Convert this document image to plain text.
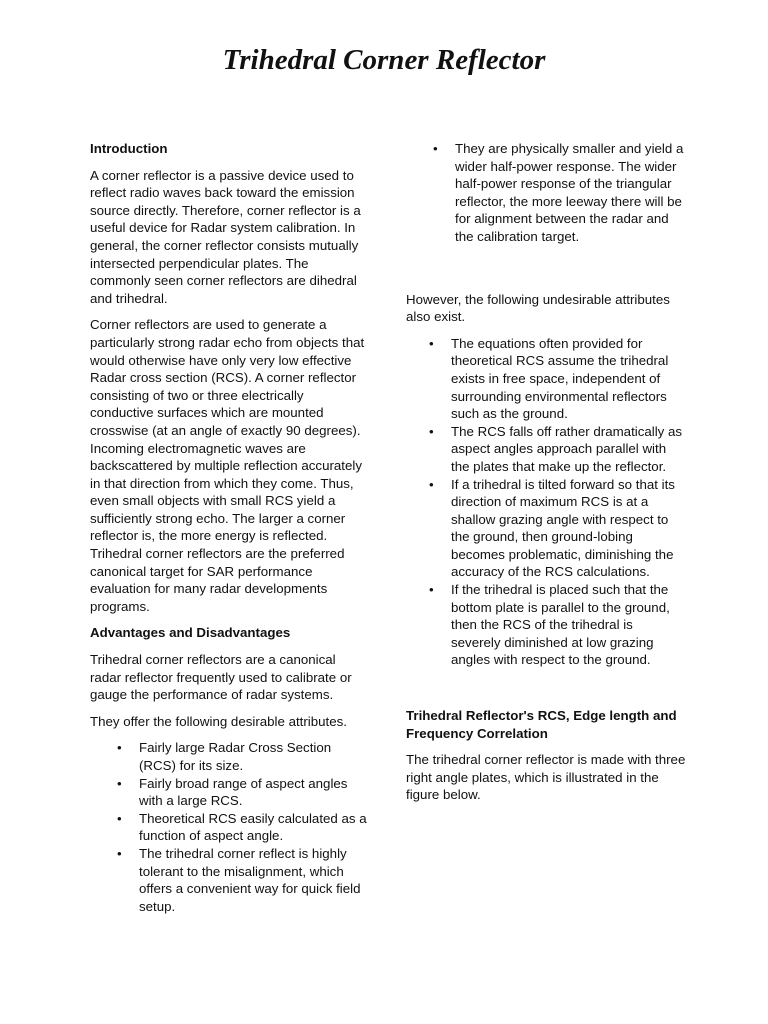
Trihedral Corner Reflector
Introduction

A corner reflector is a passive device used to reflect radio waves back toward the emission source directly. Therefore, corner reflector is a useful device for Radar system calibration. In general, the corner reflector consists mutually intersected perpendicular plates. The commonly seen corner reflectors are dihedral and trihedral.

Corner reflectors are used to generate a particularly strong radar echo from objects that would otherwise have only very low effective Radar cross section (RCS). A corner reflector consisting of two or three electrically conductive surfaces which are mounted crosswise (at an angle of exactly 90 degrees). Incoming electromagnetic waves are backscattered by multiple reflection accurately in that direction from which they come. Thus, even small objects with small RCS yield a sufficiently strong echo. The larger a corner reflector is, the more energy is reflected. Trihedral corner reflectors are the preferred canonical target for SAR performance evaluation for many radar developments programs.

Advantages and Disadvantages

Trihedral corner reflectors are a canonical radar reflector frequently used to calibrate or gauge the performance of radar systems.

They offer the following desirable attributes.

• Fairly large Radar Cross Section (RCS) for its size.
• Fairly broad range of aspect angles with a large RCS.
• Theoretical RCS easily calculated as a function of aspect angle.
• The trihedral corner reflect is highly tolerant to the misalignment, which offers a convenient way for quick field setup.
• They are physically smaller and yield a wider half-power response. The wider half-power response of the triangular reflector, the more leeway there will be for alignment between the radar and the calibration target.

However, the following undesirable attributes also exist.

• The equations often provided for theoretical RCS assume the trihedral exists in free space, independent of surrounding environmental reflectors such as the ground.
• The RCS falls off rather dramatically as aspect angles approach parallel with the plates that make up the reflector.
• If a trihedral is tilted forward so that its direction of maximum RCS is at a shallow grazing angle with respect to the ground, then ground-lobing becomes problematic, diminishing the accuracy of the RCS calculations.
• If the trihedral is placed such that the bottom plate is parallel to the ground, then the RCS of the trihedral is severely diminished at low grazing angles with respect to the ground.
Trihedral Reflector's RCS, Edge length and Frequency Correlation

The trihedral corner reflector is made with three right angle plates, which is illustrated in the figure below.
